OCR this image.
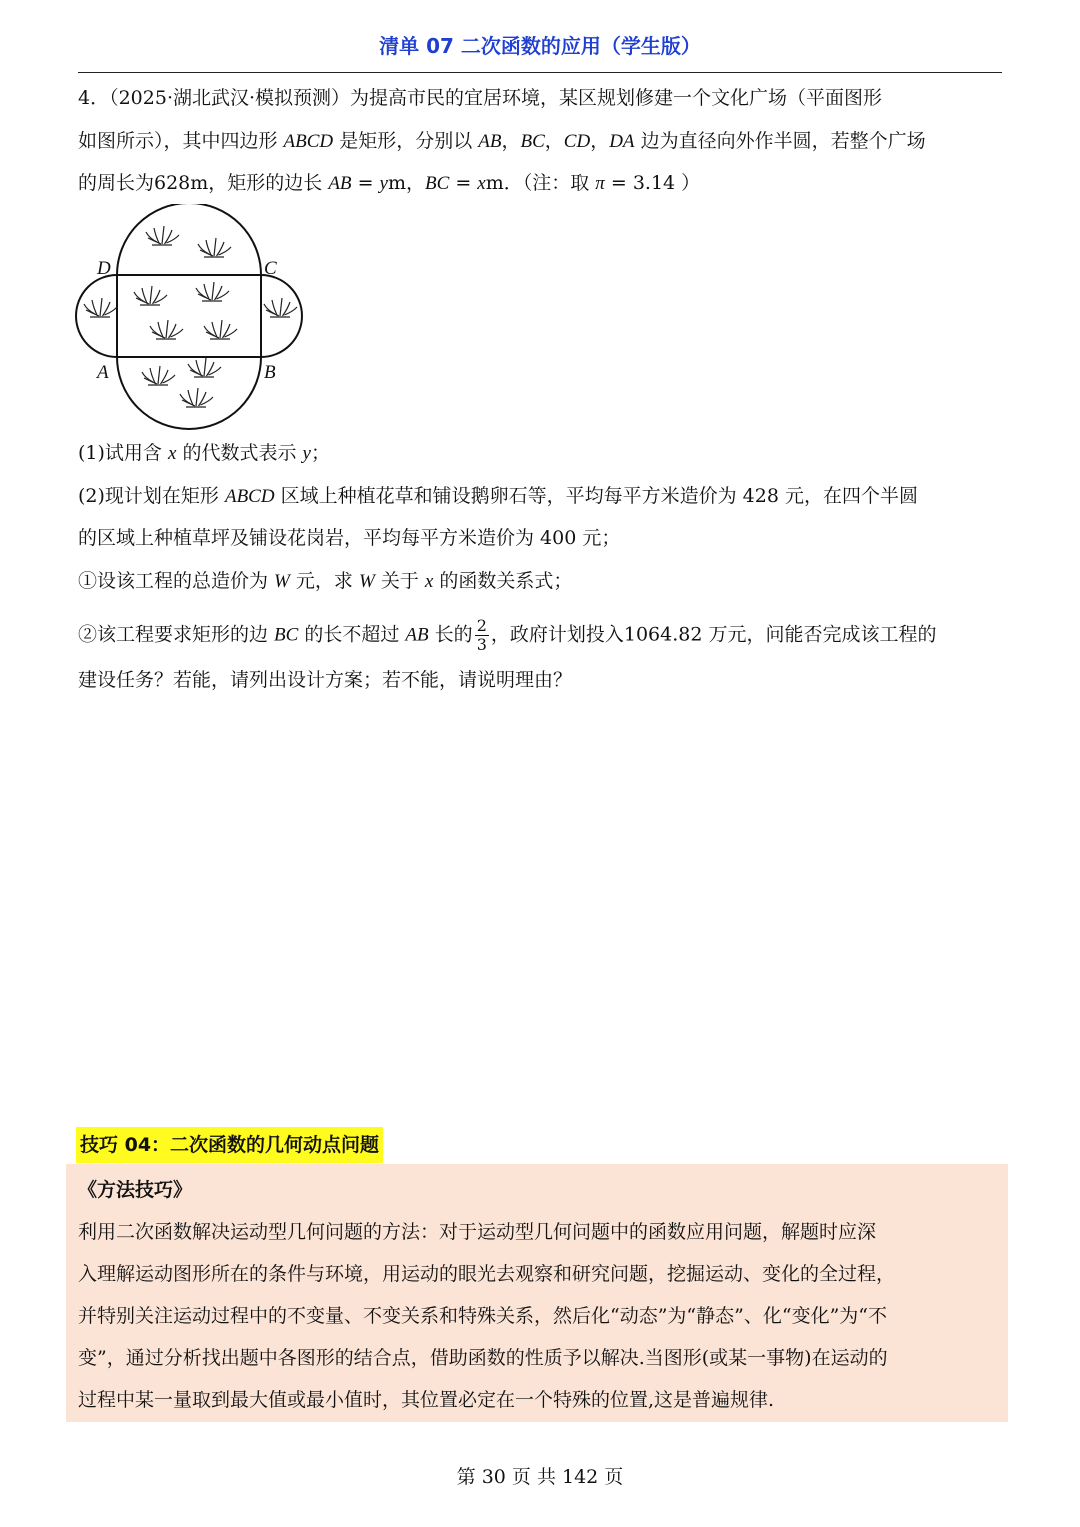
清单 07 二次函数的应用（学生版）
4．（2025·湖北武汉·模拟预测）为提高市民的宜居环境，某区规划修建一个文化广场（平面图形
如图所示），其中四边形 ABCD 是矩形，分别以 AB，BC，CD，DA 边为直径向外作半圆，若整个广场
的周长为628m，矩形的边长 AB = ym，BC = xm．（注：取 π = 3.14 ）
D	C
A	B
(1)试用含 x 的代数式表示 y；
(2)现计划在矩形 ABCD 区域上种植花草和铺设鹅卵石等，平均每平方米造价为 428 元，在四个半圆
的区域上种植草坪及铺设花岗岩，平均每平方米造价为 400 元；
①设该工程的总造价为 W 元，求 W 关于 x 的函数关系式；
②该工程要求矩形的边 BC 的长不超过 AB 长的 $\frac{2}{3}$ ，政府计划投入1064.82 万元，问能否完成该工程的
建设任务？若能，请列出设计方案；若不能，请说明理由？
技巧 04：二次函数的几何动点问题
《方法技巧》
利用二次函数解决运动型几何问题的方法：对于运动型几何问题中的函数应用问题，解题时应深
入理解运动图形所在的条件与环境，用运动的眼光去观察和研究问题，挖掘运动、变化的全过程，
并特别关注运动过程中的不变量、不变关系和特殊关系，然后化“动态”为“静态”、化“变化”为“不
变”，通过分析找出题中各图形的结合点，借助函数的性质予以解决.当图形(或某一事物)在运动的
过程中某一量取到最大值或最小值时，其位置必定在一个特殊的位置,这是普遍规律.
第 30 页 共 142 页
